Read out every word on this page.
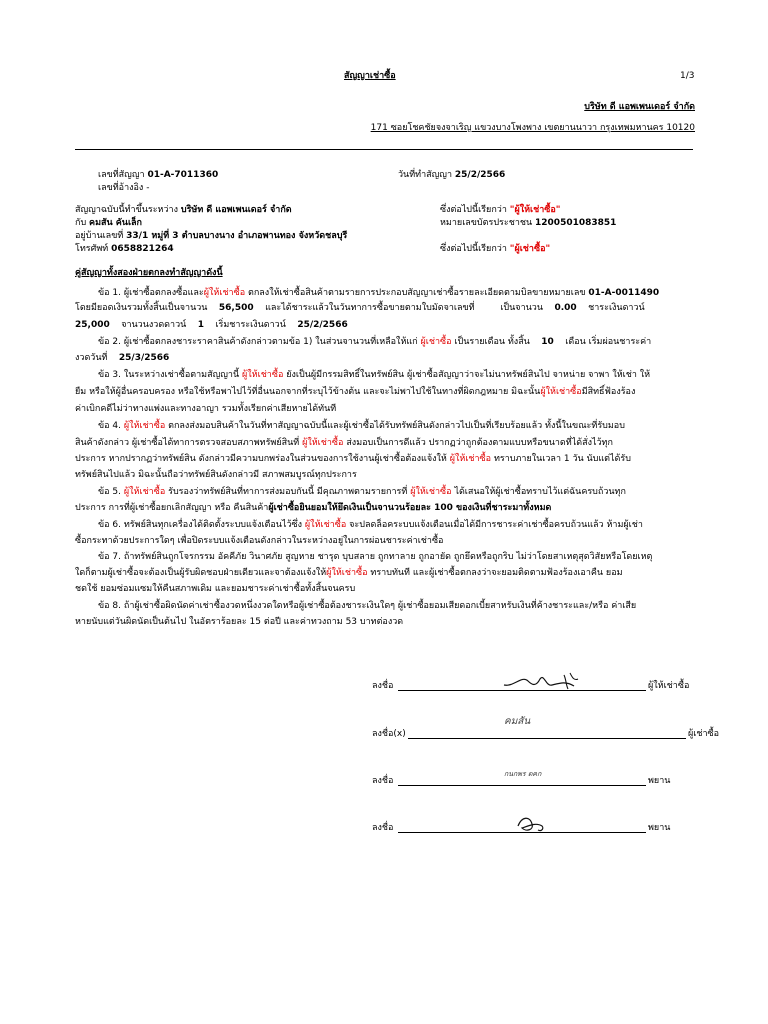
สัญญาเช่าซื้อ	1/3
บริษัท ดี แอพเพนเดอร์ จำกัด
171 ซอยโชคชัยจงจาเริญ แขวงบางโพงพาง เขตยานนาวา กรุงเทพมหานคร 10120
เลขที่สัญญา 01-A-7011360
เลขที่อ้างอิง -
วันที่ทำสัญญา 25/2/2566
สัญญาฉบับนี้ทำขึ้นระหว่าง บริษัท ดี แอพเพนเดอร์ จำกัด
กับ คมสัน คันเล็ก
อยู่บ้านเลขที่ 33/1 หมู่ที่ 3 ตำบลบางนาง อำเภอพานทอง จังหวัดชลบุรี
โทรศัพท์ 0658821264
ซึ่งต่อไปนี้เรียกว่า "ผู้ให้เช่าซื้อ"
หมายเลขบัตรประชาชน 1200501083851
ซึ่งต่อไปนี้เรียกว่า "ผู้เช่าซื้อ"
คู่สัญญาทั้งสองฝ่ายตกลงทำสัญญาดังนี้
ข้อ 1. ผู้เช่าซื้อตกลงซื้อและผู้ให้เช่าซื้อ ตกลงให้เช่าซื้อสินค้าตามรายการประกอบสัญญาเช่าซื้อรายละเอียดตามบิลขายหมายเลข 01-A-0011490
โดยมียอดเงินรวมทั้งสิ้นเป็นจานวน 56,500 และได้ชาระแล้วในวันทาการซื้อขายตามใบมัดจาเลขที่	เป็นจานวน 0.00 ชาระเงินดาวน์
25,000 จานวนงวดดาวน์ 1 เริ่มชาระเงินดาวน์ 25/2/2566
ข้อ 2. ผู้เช่าซื้อตกลงชาระราคาสินค้าดังกล่าวตามข้อ 1) ในส่วนจานวนที่เหลือให้แก่ ผู้เช่าซื้อ เป็นรายเดือน ทั้งสิ้น 10 เดือน เริ่มผ่อนชาระค่า
งวดวันที่ 25/3/2566
ข้อ 3. ในระหว่างเช่าซื้อตามสัญญานี้ ผู้ให้เช่าซื้อ ยังเป็นผู้มีกรรมสิทธิ์ในทรัพย์สิน ผู้เช่าซื้อสัญญาว่าจะไม่นาทรัพย์สินไป จาหน่าย จาพา ให้เช่า ให้
ยืม หรือให้ผู้อื่นครอบครอง หรือใช้หรือพาไปไว้ที่อื่นนอกจากที่ระบุไว้ข้างต้น และจะไม่พาไปใช้ในทางที่ผิดกฎหมาย มิฉะนั้นผู้ให้เช่าซื้อมีสิทธิ์ฟ้องร้อง
ค่าเบิกคดีไม่ว่าทางแพ่งและทางอาญา รวมทั้งเรียกค่าเสียหายได้ทันที
ข้อ 4. ผู้ให้เช่าซื้อ ตกลงส่งมอบสินค้าในวันที่ทาสัญญาฉบับนี้และผู้เช่าซื้อได้รับทรัพย์สินดังกล่าวไปเป็นที่เรียบร้อยแล้ว ทั้งนี้ในขณะที่รับมอบ
สินค้าดังกล่าว ผู้เช่าซื้อได้ทาการตรวจสอบสภาพทรัพย์สินที่ ผู้ให้เช่าซื้อ ส่งมอบเป็นการดีแล้ว ปรากฏว่าถูกต้องตามแบบหรือขนาดที่ได้สั่งไว้ทุก
ประการ หากปรากฏว่าทรัพย์สิน ดังกล่าวมีความบกพร่องในส่วนของการใช้งานผู้เช่าซื้อต้องแจ้งให้ ผู้ให้เช่าซื้อ ทราบภายในเวลา 1 วัน นับแต่ได้รับ
ทรัพย์สินไปแล้ว มิฉะนั้นถือว่าทรัพย์สินดังกล่าวมี สภาพสมบูรณ์ทุกประการ
ข้อ 5. ผู้ให้เช่าซื้อ รับรองว่าทรัพย์สินที่ทาการส่งมอบกันนี้ มีคุณภาพตามรายการที่ ผู้ให้เช่าซื้อ ได้เสนอให้ผู้เช่าซื้อทราบไว้แต่ฉันครบถ้วนทุก
ประการ การที่ผู้เช่าซื้อยกเลิกสัญญา หรือ คืนสินค้าผู้เช่าซื้อยินยอมให้ยึดเงินเป็นจานวนร้อยละ 100 ของเงินที่ชาระมาทั้งหมด
ข้อ 6. ทรัพย์สินทุกเครื่องได้ติดตั้งระบบแจ้งเตือนไว้ซึ่ง ผู้ให้เช่าซื้อ จะปลดล็อคระบบแจ้งเตือนเมื่อได้มีการชาระค่าเช่าซื้อครบถ้วนแล้ว ห้ามผู้เช่า
ซื้อกระทาด้วยประการใดๆ เพื่อปิดระบบแจ้งเตือนดังกล่าวในระหว่างอยู่ในการผ่อนชาระค่าเช่าซื้อ
ข้อ 7. ถ้าทรัพย์สินถูกโจรกรรม อัคคีภัย วินาศภัย สูญหาย ชารุด บุบสลาย ถูกทาลาย ถูกอายัด ถูกยึดหรือถูกริบ ไม่ว่าโดยสาเหตุสุดวิสัยหรือโดยเหตุ
ใดก็ตามผู้เช่าซื้อจะต้องเป็นผู้รับผิดชอบฝ่ายเดียวและจาต้องแจ้งให้ผู้ให้เช่าซื้อ ทราบทันที และผู้เช่าซื้อตกลงว่าจะยอมติดตามฟ้องร้องเอาคืน ยอม
ชดใช้ ยอมซ่อมแซมให้คืนสภาพเดิม และยอมชาระค่าเช่าซื้อทั้งสิ้นจนครบ
ข้อ 8. ถ้าผู้เช่าซื้อผิดนัดค่าเช่าซื้องวดหนึ่งงวดใดหรือผู้เช่าซื้อต้องชาระเงินใดๆ ผู้เช่าซื้อยอมเสียดอกเบี้ยสาหรับเงินที่ค้างชาระและ/หรือ ค่าเสีย
หายนับแต่วันผิดนัดเป็นต้นไป ในอัตราร้อยละ 15 ต่อปี และค่าทวงถาม 53 บาทต่องวด
ลงชื่อ	ผู้ให้เช่าซื้อ
คมสัน
ลงชื่อ(x)	ผู้เช่าซื้อ
กนกพร ตคก
ลงชื่อ	พยาน
ลงชื่อ	พยาน
